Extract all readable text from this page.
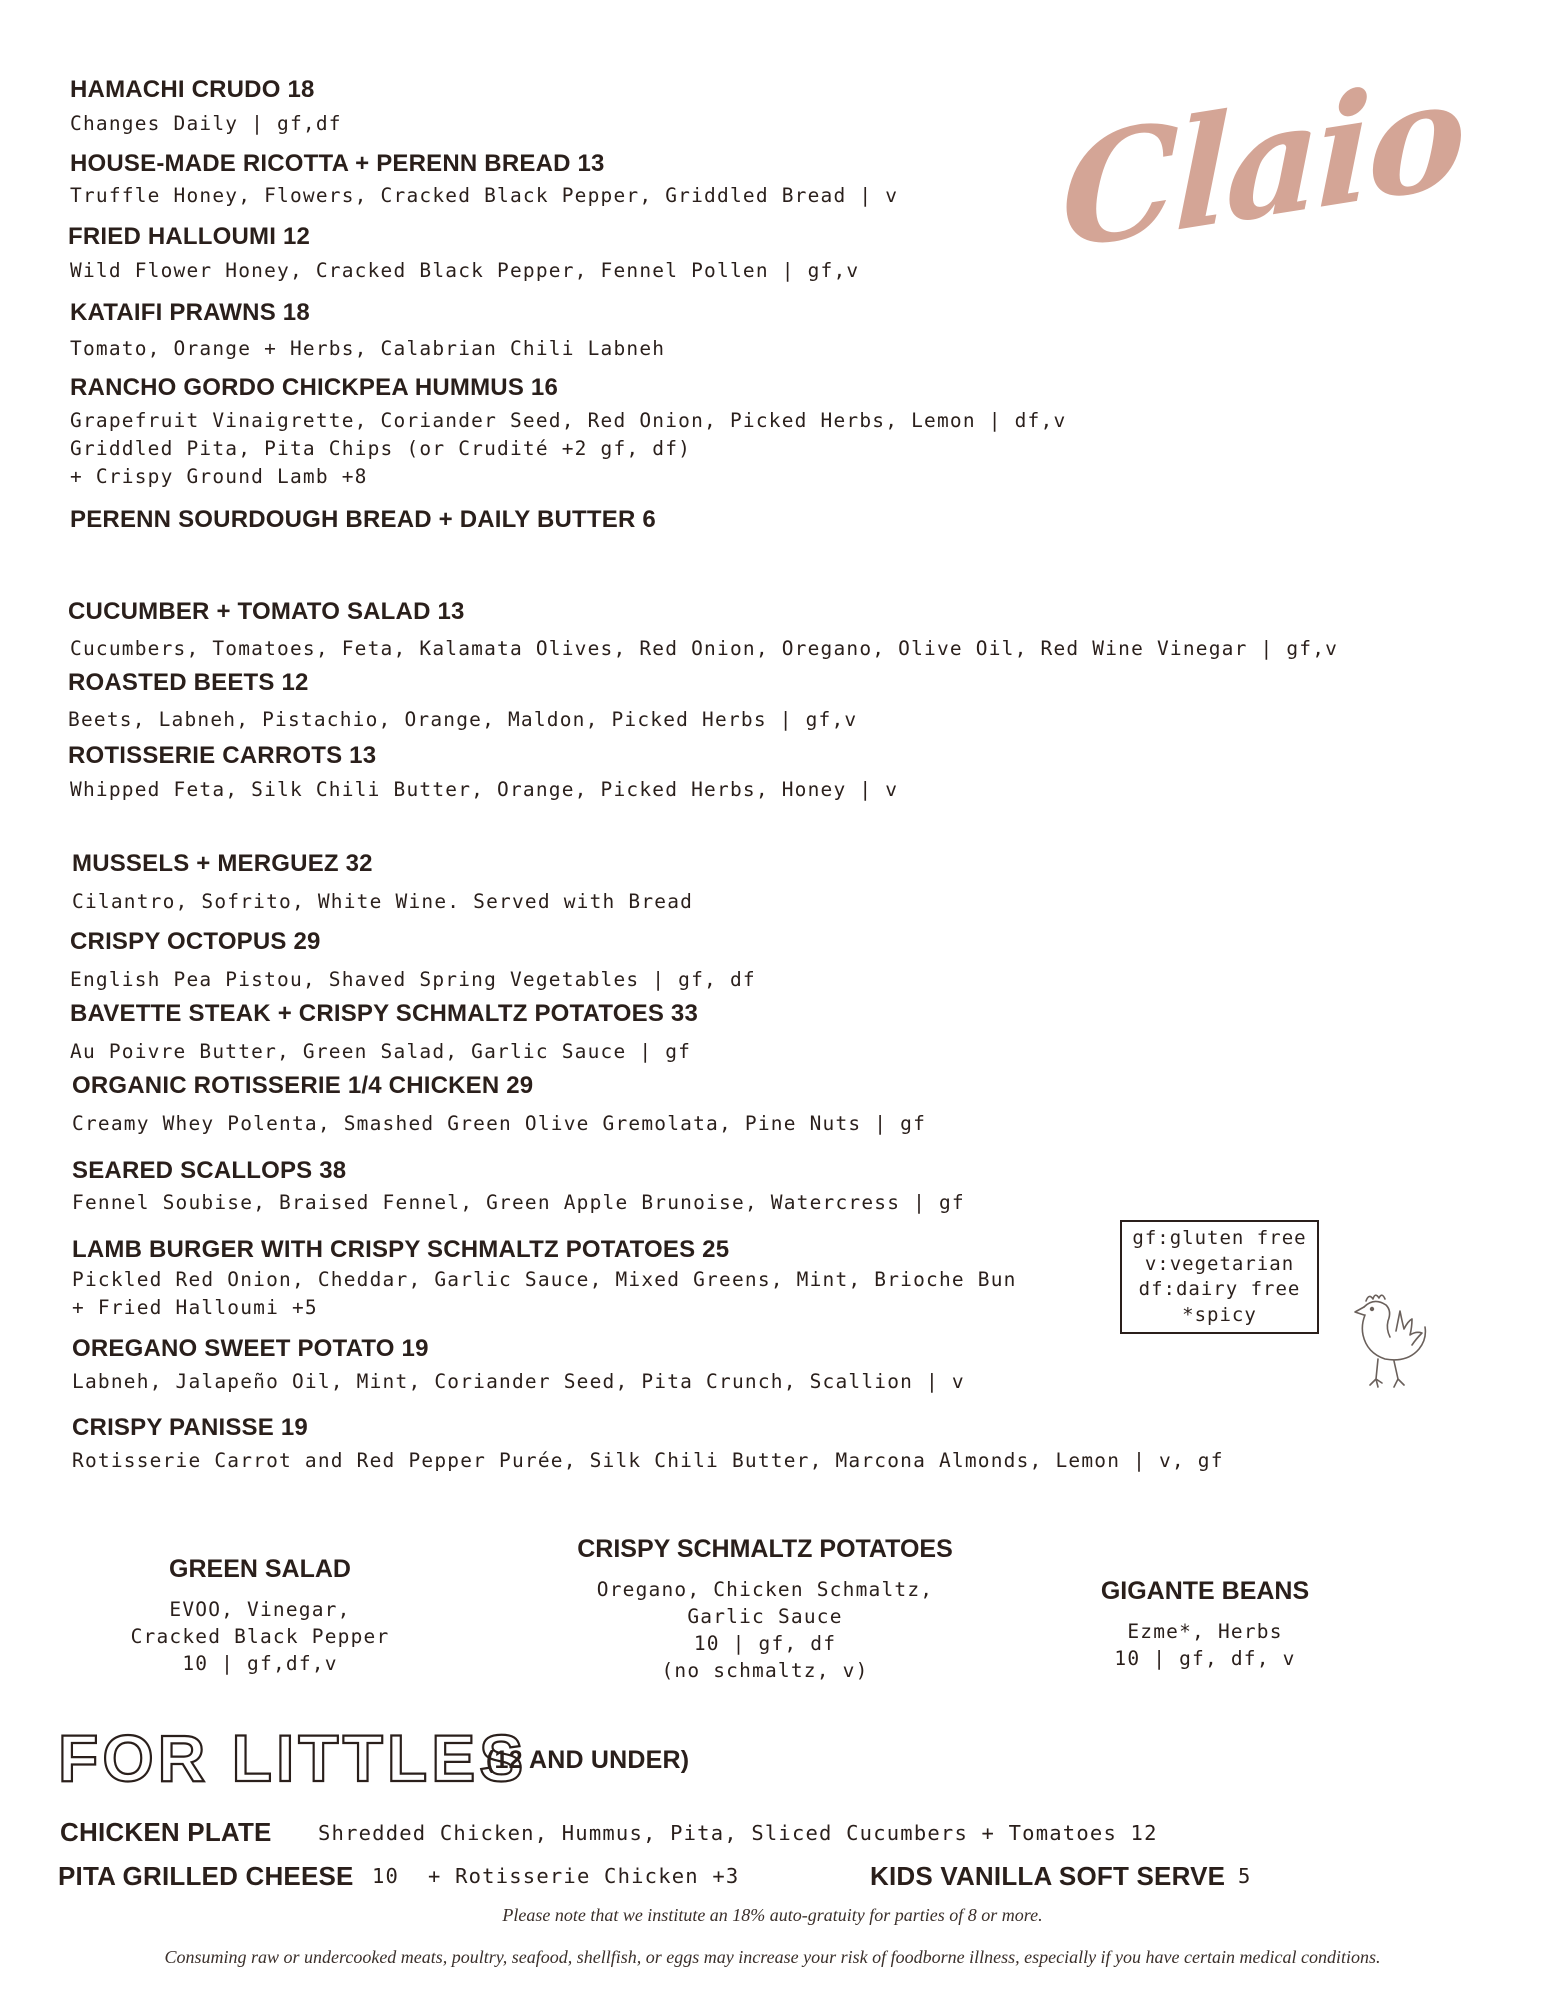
Claio
HAMACHI CRUDO 18
Changes Daily | gf,df
HOUSE-MADE RICOTTA + PERENN BREAD 13
Truffle Honey, Flowers, Cracked Black Pepper, Griddled Bread | v
FRIED HALLOUMI 12
Wild Flower Honey, Cracked Black Pepper, Fennel Pollen | gf,v
KATAIFI PRAWNS 18
Tomato, Orange + Herbs, Calabrian Chili Labneh
RANCHO GORDO CHICKPEA HUMMUS 16
Grapefruit Vinaigrette, Coriander Seed, Red Onion, Picked Herbs, Lemon | df,v
Griddled Pita, Pita Chips (or Crudité +2 gf, df)
+ Crispy Ground Lamb +8
PERENN SOURDOUGH BREAD + DAILY BUTTER 6
CUCUMBER + TOMATO SALAD 13
Cucumbers, Tomatoes, Feta, Kalamata Olives, Red Onion, Oregano, Olive Oil, Red Wine Vinegar | gf,v
ROASTED BEETS 12
Beets, Labneh, Pistachio, Orange, Maldon, Picked Herbs | gf,v
ROTISSERIE CARROTS 13
Whipped Feta, Silk Chili Butter, Orange, Picked Herbs, Honey | v
MUSSELS + MERGUEZ 32
Cilantro, Sofrito, White Wine. Served with Bread
CRISPY OCTOPUS 29
English Pea Pistou, Shaved Spring Vegetables | gf, df
BAVETTE STEAK + CRISPY SCHMALTZ POTATOES 33
Au Poivre Butter, Green Salad, Garlic Sauce | gf
ORGANIC ROTISSERIE 1/4 CHICKEN 29
Creamy Whey Polenta, Smashed Green Olive Gremolata, Pine Nuts | gf
SEARED SCALLOPS 38
Fennel Soubise, Braised Fennel, Green Apple Brunoise, Watercress | gf
LAMB BURGER WITH CRISPY SCHMALTZ POTATOES 25
Pickled Red Onion, Cheddar, Garlic Sauce, Mixed Greens, Mint, Brioche Bun
+ Fried Halloumi +5
OREGANO SWEET POTATO 19
Labneh, Jalapeño Oil, Mint, Coriander Seed, Pita Crunch, Scallion | v
CRISPY PANISSE 19
Rotisserie Carrot and Red Pepper Purée, Silk Chili Butter, Marcona Almonds, Lemon | v, gf
gf:gluten free
v:vegetarian
df:dairy free
*spicy
GREEN SALAD
EVOO, Vinegar,
Cracked Black Pepper
10 | gf,df,v
CRISPY SCHMALTZ POTATOES
Oregano, Chicken Schmaltz,
Garlic Sauce
10 | gf, df
(no schmaltz, v)
GIGANTE BEANS
Ezme*, Herbs
10 | gf, df, v
FOR LITTLES
(12 AND UNDER)
CHICKEN PLATE Shredded Chicken, Hummus, Pita, Sliced Cucumbers + Tomatoes 12
PITA GRILLED CHEESE 10 + Rotisserie Chicken +3	KIDS VANILLA SOFT SERVE 5
Please note that we institute an 18% auto-gratuity for parties of 8 or more.
Consuming raw or undercooked meats, poultry, seafood, shellfish, or eggs may increase your risk of foodborne illness, especially if you have certain medical conditions.
